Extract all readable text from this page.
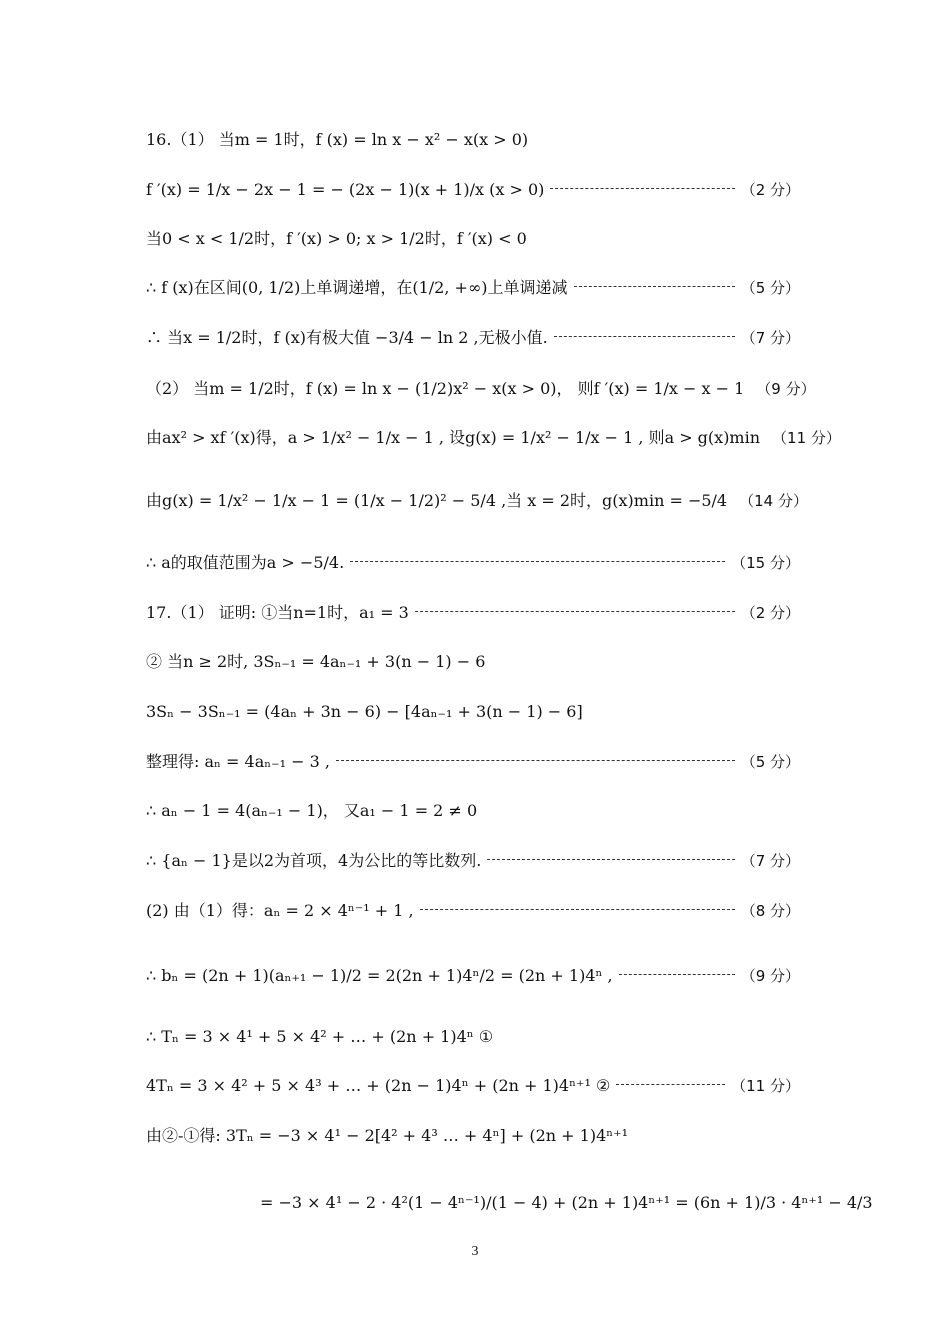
16.（1） 当m = 1时，f (x) = ln x − x² − x(x > 0)
f ′(x) = 1/x − 2x − 1 = − (2x − 1)(x + 1)/x (x > 0)	（2 分）
当0 < x < 1/2时，f ′(x) > 0; x > 1/2时，f ′(x) < 0
∴ f (x)在区间(0, 1/2)上单调递增，在(1/2, +∞)上单调递减	（5 分）
∴ 当x = 1/2时，f (x)有极大值 −3/4 − ln 2 ,无极小值.	（7 分）
（2） 当m = 1/2时，f (x) = ln x − (1/2)x² − x(x > 0)， 则f ′(x) = 1/x − x − 1 （9 分）
由ax² > xf ′(x)得，a > 1/x² − 1/x − 1 , 设g(x) = 1/x² − 1/x − 1 , 则a > g(x)min （11 分）
由g(x) = 1/x² − 1/x − 1 = (1/x − 1/2)² − 5/4 ,当 x = 2时，g(x)min = −5/4 （14 分）
∴ a的取值范围为a > −5/4.	（15 分）
17.（1） 证明: ①当n=1时，a₁ = 3	（2 分）
② 当n ≥ 2时, 3Sₙ₋₁ = 4aₙ₋₁ + 3(n − 1) − 6
3Sₙ − 3Sₙ₋₁ = (4aₙ + 3n − 6) − [4aₙ₋₁ + 3(n − 1) − 6]
整理得: aₙ = 4aₙ₋₁ − 3 ,	（5 分）
∴ aₙ − 1 = 4(aₙ₋₁ − 1)， 又a₁ − 1 = 2 ≠ 0
∴ {aₙ − 1}是以2为首项，4为公比的等比数列.	（7 分）
(2) 由（1）得：aₙ = 2 × 4ⁿ⁻¹ + 1 ,	（8 分）
∴ bₙ = (2n + 1)(aₙ₊₁ − 1)/2 = 2(2n + 1)4ⁿ/2 = (2n + 1)4ⁿ ,	（9 分）
∴ Tₙ = 3 × 4¹ + 5 × 4² + … + (2n + 1)4ⁿ ①
4Tₙ = 3 × 4² + 5 × 4³ + … + (2n − 1)4ⁿ + (2n + 1)4ⁿ⁺¹ ②	（11 分）
由②-①得: 3Tₙ = −3 × 4¹ − 2[4² + 4³ … + 4ⁿ] + (2n + 1)4ⁿ⁺¹
= −3 × 4¹ − 2 · 4²(1 − 4ⁿ⁻¹)/(1 − 4) + (2n + 1)4ⁿ⁺¹ = (6n + 1)/3 · 4ⁿ⁺¹ − 4/3
3
